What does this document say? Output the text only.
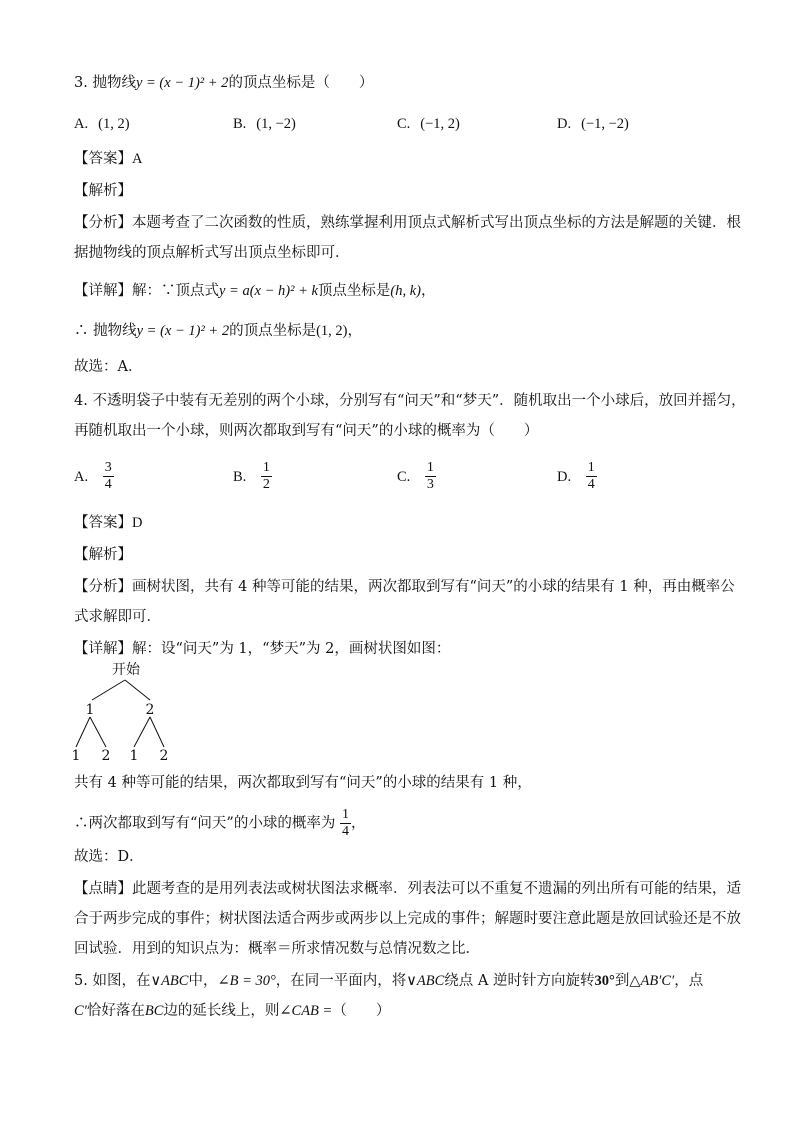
3. 抛物线y = (x − 1)² + 2的顶点坐标是（　　）
A. (1, 2)	B. (1, −2)	C. (−1, 2)	D. (−1, −2)
【答案】A
【解析】
【分析】本题考查了二次函数的性质，熟练掌握利用顶点式解析式写出顶点坐标的方法是解题的关键．根
据抛物线的顶点解析式写出顶点坐标即可．
【详解】解：∵顶点式y = a(x − h)² + k顶点坐标是(h, k)，
∴ 抛物线y = (x − 1)² + 2的顶点坐标是(1, 2)，
故选：A．
4. 不透明袋子中装有无差别的两个小球，分别写有“问天”和“梦天”．随机取出一个小球后，放回并摇匀，
再随机取出一个小球，则两次都取到写有“问天”的小球的概率为（　　）
A. $\frac{3}{4}$	B. $\frac{1}{2}$	C. $\frac{1}{3}$	D. $\frac{1}{4}$
【答案】D
【解析】
【分析】画树状图，共有 4 种等可能的结果，两次都取到写有“问天”的小球的结果有 1 种，再由概率公
式求解即可．
【详解】解：设“问天”为 1，“梦天”为 2，画树状图如图：
开始
1	2
1 2 1 2
共有 4 种等可能的结果，两次都取到写有“问天”的小球的结果有 1 种，
∴两次都取到写有“问天”的小球的概率为 $\frac{1}{4}$ ，
故选：D．
【点睛】此题考查的是用列表法或树状图法求概率．列表法可以不重复不遗漏的列出所有可能的结果，适
合于两步完成的事件；树状图法适合两步或两步以上完成的事件；解题时要注意此题是放回试验还是不放
回试验．用到的知识点为：概率＝所求情况数与总情况数之比．
5. 如图，在∨ABC中，∠B = 30°，在同一平面内，将∨ABC绕点 A 逆时针方向旋转30°到△AB′C′，点
C′恰好落在BC边的延长线上，则∠CAB =（　　）
